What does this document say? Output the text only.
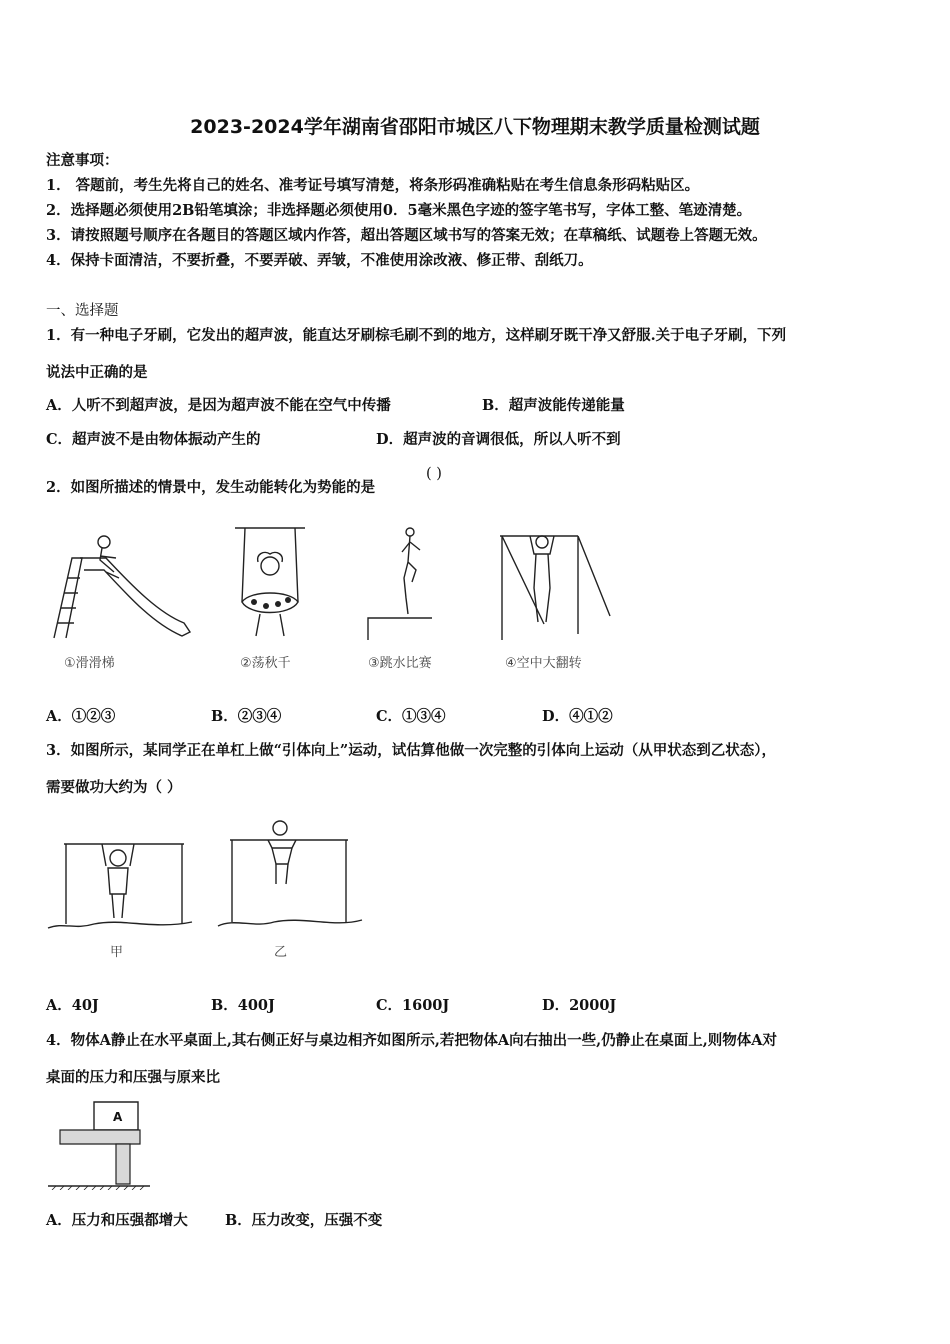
2023-2024学年湖南省邵阳市城区八下物理期末教学质量检测试题
注意事项：
1． 答题前，考生先将自己的姓名、准考证号填写清楚，将条形码准确粘贴在考生信息条形码粘贴区。
2．选择题必须使用2B铅笔填涂；非选择题必须使用0．5毫米黑色字迹的签字笔书写，字体工整、笔迹清楚。
3．请按照题号顺序在各题目的答题区域内作答，超出答题区域书写的答案无效；在草稿纸、试题卷上答题无效。
4．保持卡面清洁，不要折叠，不要弄破、弄皱，不准使用涂改液、修正带、刮纸刀。
一、选择题
1．有一种电子牙刷，它发出的超声波，能直达牙刷棕毛刷不到的地方，这样刷牙既干净又舒服.关于电子牙刷，下列
说法中正确的是
A．人听不到超声波，是因为超声波不能在空气中传播	B．超声波能传递能量
C．超声波不是由物体振动产生的	D．超声波的音调很低，所以人听不到
2．如图所描述的情景中，发生动能转化为势能的是
( )
①滑滑梯	②荡秋千	③跳水比赛	④空中大翻转
A．①②③	B．②③④	C．①③④	D．④①②
3．如图所示，某同学正在单杠上做“引体向上”运动，试估算他做一次完整的引体向上运动（从甲状态到乙状态），
需要做功大约为（ ）
甲	乙
A．40J	B．400J	C．1600J	D．2000J
4．物体A静止在水平桌面上,其右侧正好与桌边相齐如图所示,若把物体A向右抽出一些,仍静止在桌面上,则物体A对
桌面的压力和压强与原来比
A
A．压力和压强都增大	B．压力改变，压强不变
